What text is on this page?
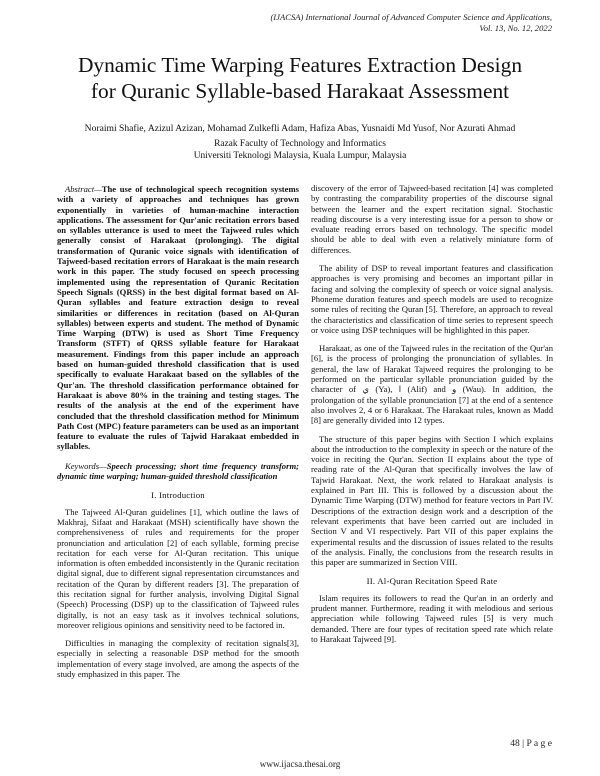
(IJACSA) International Journal of Advanced Computer Science and Applications,
Vol. 13, No. 12, 2022
Dynamic Time Warping Features Extraction Design
for Quranic Syllable-based Harakaat Assessment
Noraimi Shafie, Azizul Azizan, Mohamad Zulkefli Adam, Hafiza Abas, Yusnaidi Md Yusof, Nor Azurati Ahmad
Razak Faculty of Technology and Informatics
Universiti Teknologi Malaysia, Kuala Lumpur, Malaysia

Abstract—The use of technological speech recognition systems with a variety of approaches and techniques has grown exponentially in varieties of human-machine interaction applications. The assessment for Qur'anic recitation errors based on syllables utterance is used to meet the Tajweed rules which generally consist of Harakaat (prolonging). The digital transformation of Quranic voice signals with identification of Tajweed-based recitation errors of Harakaat is the main research work in this paper. The study focused on speech processing implemented using the representation of Quranic Recitation Speech Signals (QRSS) in the best digital format based on Al-Quran syllables and feature extraction design to reveal similarities or differences in recitation (based on Al-Quran syllables) between experts and student. The method of Dynamic Time Warping (DTW) is used as Short Time Frequency Transform (STFT) of QRSS syllable feature for Harakaat measurement. Findings from this paper include an approach based on human-guided threshold classification that is used specifically to evaluate Harakaat based on the syllables of the Qur'an. The threshold classification performance obtained for Harakaat is above 80% in the training and testing stages. The results of the analysis at the end of the experiment have concluded that the threshold classification method for Minimum Path Cost (MPC) feature parameters can be used as an important feature to evaluate the rules of Tajwid Harakaat embedded in syllables.

Keywords—Speech processing; short time frequency transform; dynamic time warping; human-guided threshold classification

I. Introduction

The Tajweed Al-Quran guidelines [1], which outline the laws of Makhraj, Sifaat and Harakaat (MSH) scientifically have shown the comprehensiveness of rules and requirements for the proper pronunciation and articulation [2] of each syllable, forming precise recitation for each verse for Al-Quran recitation. This unique information is often embedded inconsistently in the Quranic recitation digital signal, due to different signal representation circumstances and recitation of the Quran by different readers [3]. The preparation of this recitation signal for further analysis, involving Digital Signal (Speech) Processing (DSP) up to the classification of Tajweed rules digitally, is not an easy task as it involves technical solutions, moreover religious opinions and sensitivity need to be factored in.

Difficulties in managing the complexity of recitation signals[3], especially in selecting a reasonable DSP method for the smooth implementation of every stage involved, are among the aspects of the study emphasized in this paper. The

discovery of the error of Tajweed-based recitation [4] was completed by contrasting the comparability properties of the discourse signal between the learner and the expert recitation signal. Stochastic reading discourse is a very interesting issue for a person to show or evaluate reading errors based on technology. The specific model should be able to deal with even a relatively miniature form of differences.

The ability of DSP to reveal important features and classification approaches is very promising and becomes an important pillar in facing and solving the complexity of speech or voice signal analysis. Phoneme duration features and speech models are used to recognize some rules of reciting the Quran [5]. Therefore, an approach to reveal the characteristics and classification of time series to represent speech or voice using DSP techniques will be highlighted in this paper.

Harakaat, as one of the Tajweed rules in the recitation of the Qur'an [6], is the process of prolonging the pronunciation of syllables. In general, the law of Harakat Tajweed requires the prolonging to be performed on the particular syllable pronunciation guided by the character of ي (Ya), ا (Alif) and و (Wau). In addition, the prolongation of the syllable pronunciation [7] at the end of a sentence also involves 2, 4 or 6 Harakaat. The Harakaat rules, known as Madd [8] are generally divided into 12 types.

The structure of this paper begins with Section I which explains about the introduction to the complexity in speech or the nature of the voice in reciting the Qur'an. Section II explains about the type of reading rate of the Al-Quran that specifically involves the law of Tajwid Harakaat. Next, the work related to Harakaat analysis is explained in Part III. This is followed by a discussion about the Dynamic Time Warping (DTW) method for feature vectors in Part IV. Descriptions of the extraction design work and a description of the relevant experiments that have been carried out are included in Section V and VI respectively. Part VII of this paper explains the experimental results and the discussion of issues related to the results of the analysis. Finally, the conclusions from the research results in this paper are summarized in Section VIII.

II. Al-Quran Recitation Speed Rate

Islam requires its followers to read the Qur'an in an orderly and prudent manner. Furthermore, reading it with melodious and serious appreciation while following Tajweed rules [5] is very much demanded. There are four types of recitation speed rate which relate to Harakaat Tajweed [9].

48 | P a g e
www.ijacsa.thesai.org
